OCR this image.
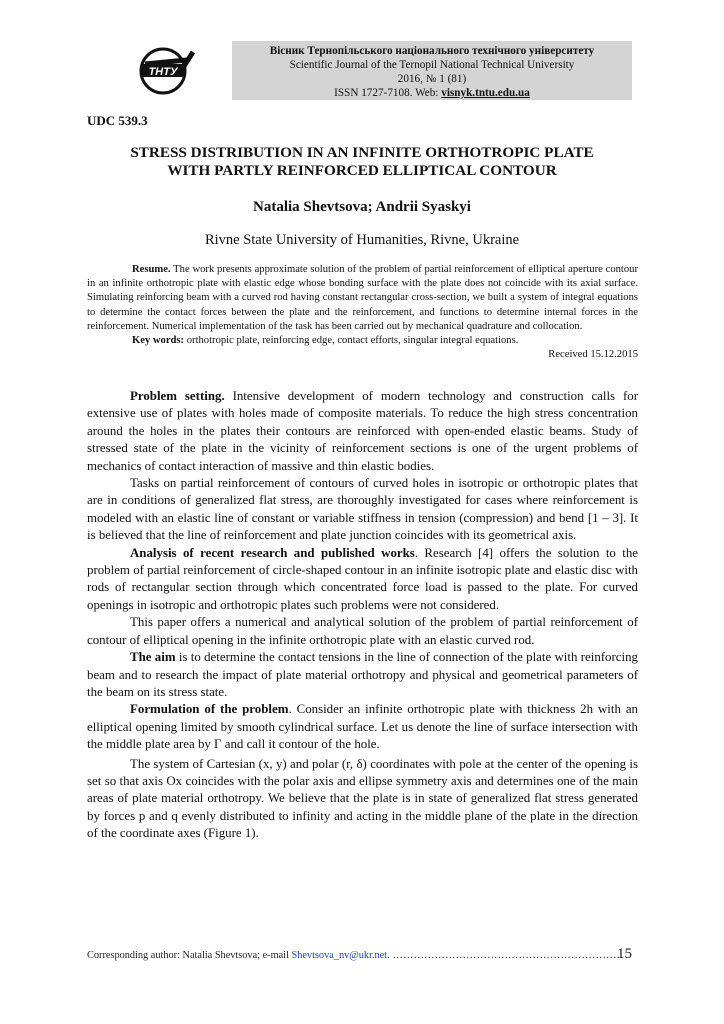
ТНТУ
Вісник Тернопільського національного технічного університету
Scientific Journal of the Ternopil National Technical University
2016, № 1 (81)
ISSN 1727-7108. Web: visnyk.tntu.edu.ua
UDC 539.3
STRESS DISTRIBUTION IN AN INFINITE ORTHOTROPIC PLATE
WITH PARTLY REINFORCED ELLIPTICAL CONTOUR
Natalia Shevtsova; Andrii Syaskyi
Rivne State University of Humanities, Rivne, Ukraine

Resume. The work presents approximate solution of the problem of partial reinforcement of elliptical aperture contour in an infinite orthotropic plate with elastic edge whose bonding surface with the plate does not coincide with its axial surface. Simulating reinforcing beam with a curved rod having constant rectangular cross-section, we built a system of integral equations to determine the contact forces between the plate and the reinforcement, and functions to determine internal forces in the reinforcement. Numerical implementation of the task has been carried out by mechanical quadrature and collocation.

Key words: orthotropic plate, reinforcing edge, contact efforts, singular integral equations.

Received 15.12.2015

Problem setting. Intensive development of modern technology and construction calls for extensive use of plates with holes made of composite materials. To reduce the high stress concentration around the holes in the plates their contours are reinforced with open-ended elastic beams. Study of stressed state of the plate in the vicinity of reinforcement sections is one of the urgent problems of mechanics of contact interaction of massive and thin elastic bodies.

Tasks on partial reinforcement of contours of curved holes in isotropic or orthotropic plates that are in conditions of generalized flat stress, are thoroughly investigated for cases where reinforcement is modeled with an elastic line of constant or variable stiffness in tension (compression) and bend [1 – 3]. It is believed that the line of reinforcement and plate junction coincides with its geometrical axis.

Analysis of recent research and published works. Research [4] offers the solution to the problem of partial reinforcement of circle-shaped contour in an infinite isotropic plate and elastic disc with rods of rectangular section through which concentrated force load is passed to the plate. For curved openings in isotropic and orthotropic plates such problems were not considered.

This paper offers a numerical and analytical solution of the problem of partial reinforcement of contour of elliptical opening in the infinite orthotropic plate with an elastic curved rod.

The aim is to determine the contact tensions in the line of connection of the plate with reinforcing beam and to research the impact of plate material orthotropy and physical and geometrical parameters of the beam on its stress state.

Formulation of the problem. Consider an infinite orthotropic plate with thickness 2h with an elliptical opening limited by smooth cylindrical surface. Let us denote the line of surface intersection with the middle plate area by Γ and call it contour of the hole.

The system of Cartesian (x, y) and polar (r, δ) coordinates with pole at the center of the opening is set so that axis Ox coincides with the polar axis and ellipse symmetry axis and determines one of the main areas of plate material orthotropy. We believe that the plate is in state of generalized flat stress generated by forces p and q evenly distributed to infinity and acting in the middle plane of the plate in the direction of the coordinate axes (Figure 1).

Corresponding author: Natalia Shevtsova; e-mail Shevtsova_nv@ukr.net. …………………………………………………………
15
